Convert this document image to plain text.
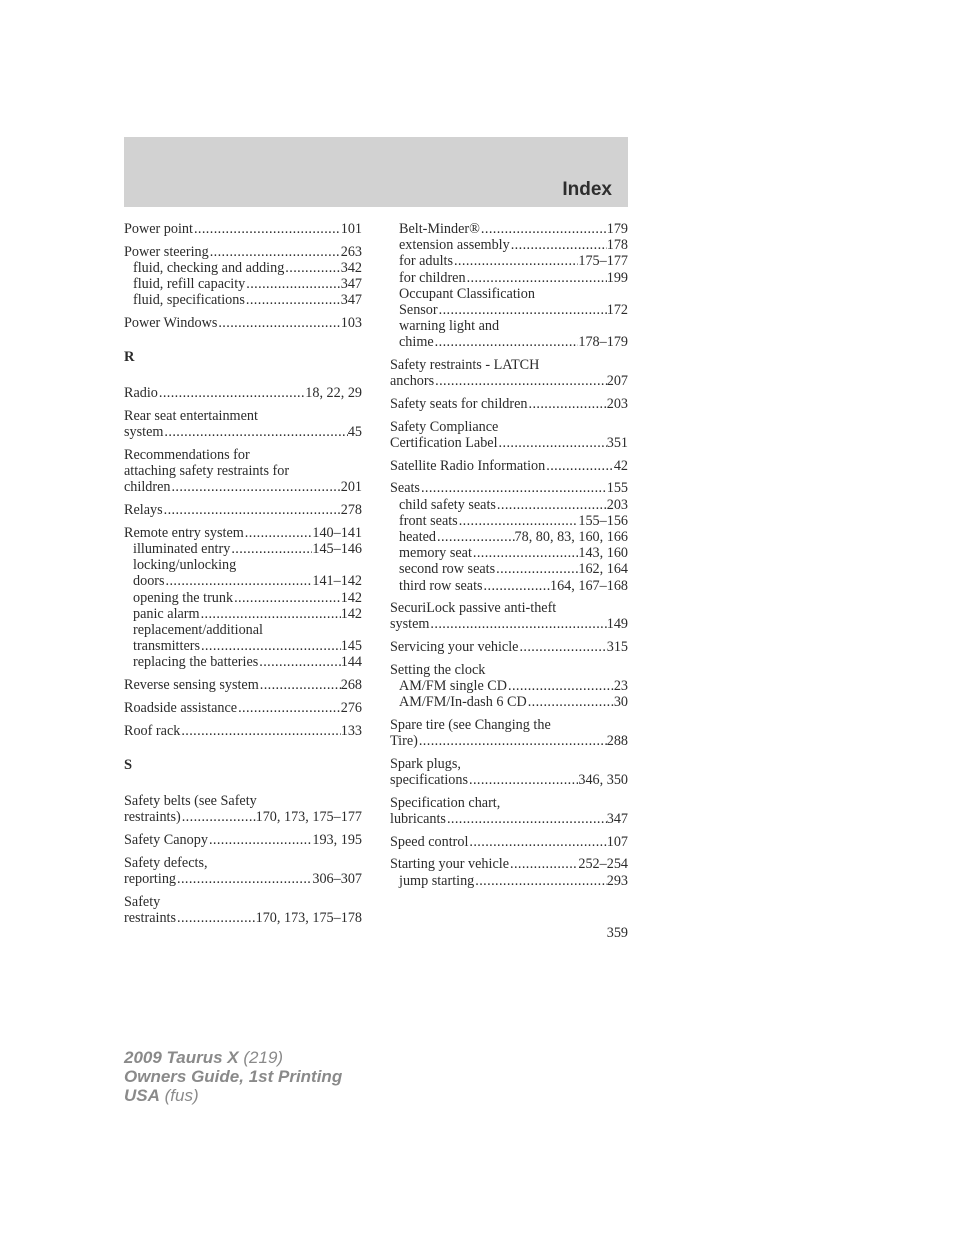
Index
Power point .....	101
Power steering .....	263
fluid, checking and adding .....	342
fluid, refill capacity .....	347
fluid, specifications .....	347
Power Windows .....	103
R
Radio .....	18, 22, 29
Rear seat entertainment
system .....	45
Recommendations for
attaching safety restraints for
children .....	201
Relays .....	278
Remote entry system .....	140–141
illuminated entry .....	145–146
locking/unlocking
doors .....	141–142
opening the trunk .....	142
panic alarm .....	142
replacement/additional
transmitters .....	145
replacing the batteries .....	144
Reverse sensing system .....	268
Roadside assistance .....	276
Roof rack .....	133
S
Safety belts (see Safety
restraints) .....	170, 173, 175–177
Safety Canopy .....	193, 195
Safety defects,
reporting .....	306–307
Safety
restraints .....	170, 173, 175–178
Belt-Minder® .....	179
extension assembly .....	178
for adults .....	175–177
for children .....	199
Occupant Classification
Sensor .....	172
warning light and
chime .....	178–179
Safety restraints - LATCH
anchors .....	207
Safety seats for children .....	203
Safety Compliance
Certification Label .....	351
Satellite Radio Information .....	42
Seats .....	155
child safety seats .....	203
front seats .....	155–156
heated .....	78, 80, 83, 160, 166
memory seat .....	143, 160
second row seats .....	162, 164
third row seats .....	164, 167–168
SecuriLock passive anti-theft
system .....	149
Servicing your vehicle .....	315
Setting the clock
AM/FM single CD .....	23
AM/FM/In-dash 6 CD .....	30
Spare tire (see Changing the
Tire) .....	288
Spark plugs,
specifications .....	346, 350
Specification chart,
lubricants .....	347
Speed control .....	107
Starting your vehicle .....	252–254
jump starting .....	293
359
2009 Taurus X (219)
Owners Guide, 1st Printing
USA (fus)
